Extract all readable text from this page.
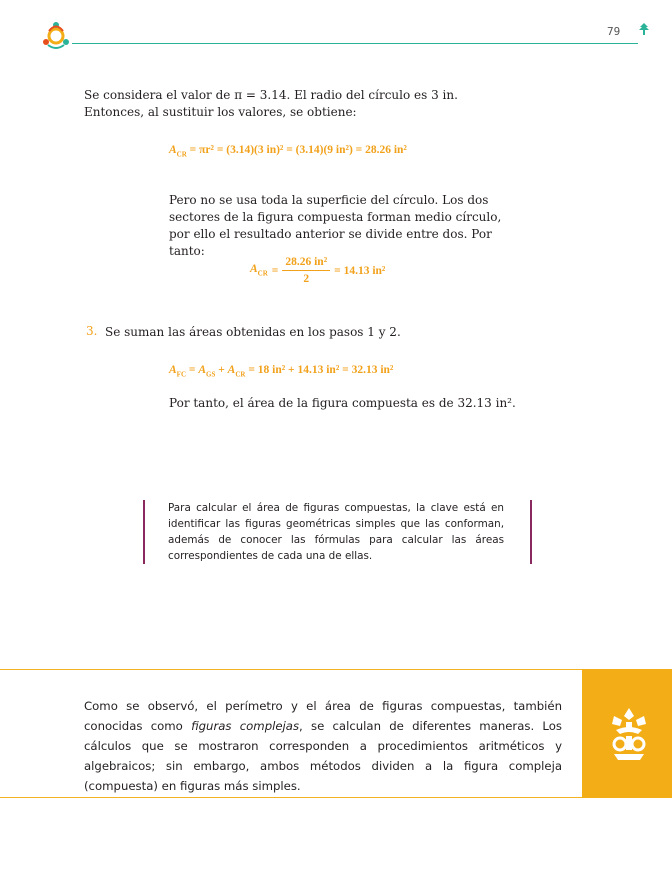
79
Se considera el valor de π = 3.14. El radio del círculo es 3 in.
Entonces, al sustituir los valores, se obtiene:
$A_{CR} = \pi r^2 = (3.14)(3$ in)² = (3.14)(9 in²) = 28.26 in²
Pero no se usa toda la superficie del círculo. Los dos sectores de la figura compuesta forman medio círculo, por ello el resultado anterior se divide entre dos. Por tanto:
$A_{CR} = \frac{\text{28.26 in²}}{2} = 14.13$ in²
3. Se suman las áreas obtenidas en los pasos 1 y 2.
$A_{FC} = A_{GS} + A_{CR} = 18$ in² + 14.13 in² = 32.13 in²
Por tanto, el área de la figura compuesta es de 32.13 in².
Para calcular el área de figuras compuestas, la clave está en identificar las figuras geométricas simples que las conforman, además de conocer las fórmulas para calcular las áreas correspondientes de cada una de ellas.
Como se observó, el perímetro y el área de figuras compuestas, también conocidas como figuras complejas, se calculan de diferentes maneras. Los cálculos que se mostraron corresponden a procedimientos aritméticos y algebraicos; sin embargo, ambos métodos dividen a la figura compleja (compuesta) en figuras más simples.
